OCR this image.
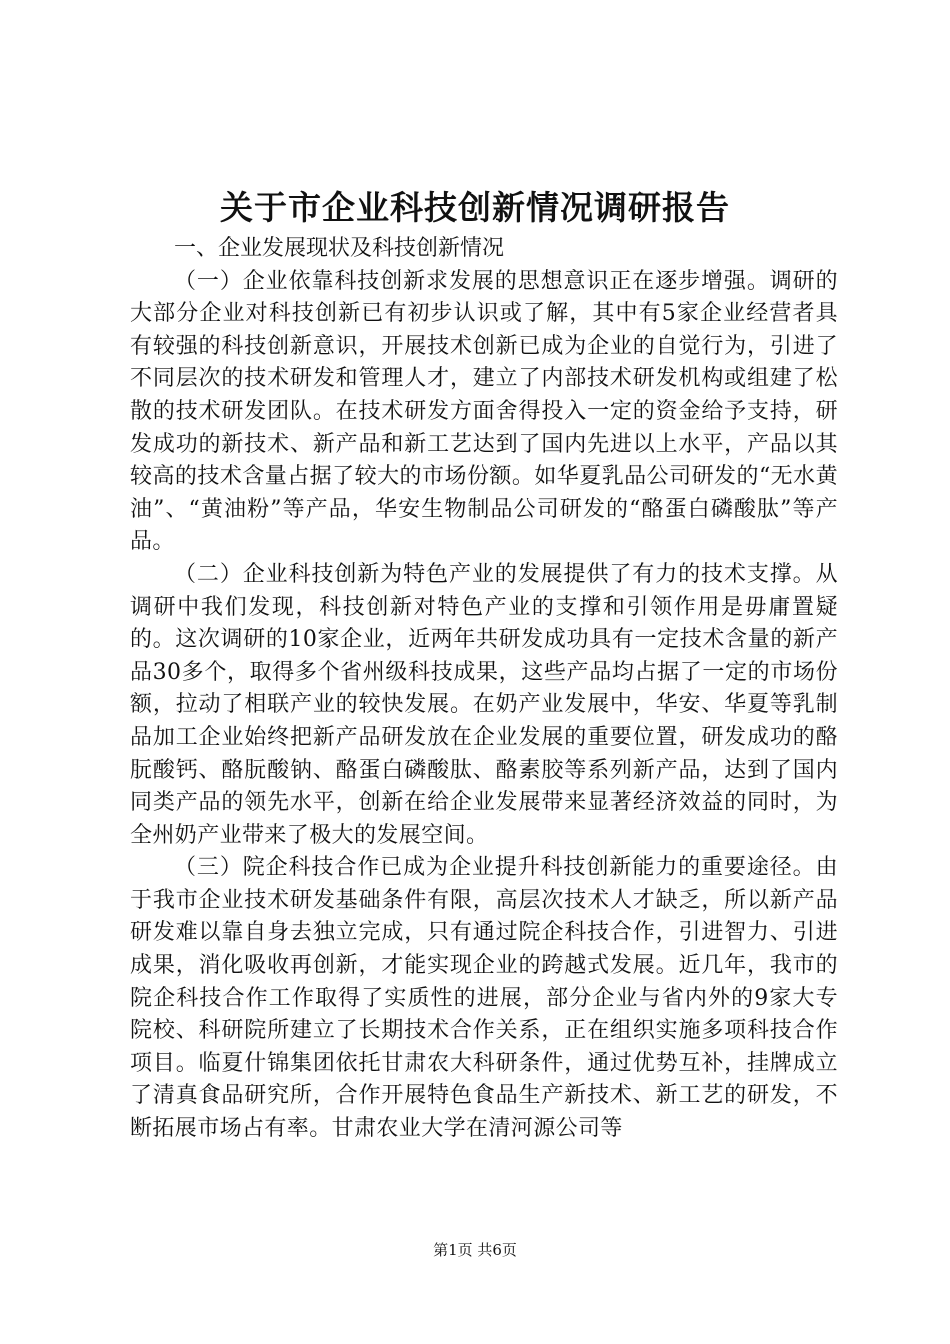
关于市企业科技创新情况调研报告

一、企业发展现状及科技创新情况

（一）企业依靠科技创新求发展的思想意识正在逐步增强。调研的大部分企业对科技创新已有初步认识或了解，其中有5家企业经营者具有较强的科技创新意识，开展技术创新已成为企业的自觉行为，引进了不同层次的技术研发和管理人才，建立了内部技术研发机构或组建了松散的技术研发团队。在技术研发方面舍得投入一定的资金给予支持，研发成功的新技术、新产品和新工艺达到了国内先进以上水平，产品以其较高的技术含量占据了较大的市场份额。如华夏乳品公司研发的“无水黄油”、“黄油粉”等产品，华安生物制品公司研发的“酪蛋白磷酸肽”等产品。

（二）企业科技创新为特色产业的发展提供了有力的技术支撑。从调研中我们发现，科技创新对特色产业的支撑和引领作用是毋庸置疑的。这次调研的10家企业，近两年共研发成功具有一定技术含量的新产品30多个，取得多个省州级科技成果，这些产品均占据了一定的市场份额，拉动了相联产业的较快发展。在奶产业发展中，华安、华夏等乳制品加工企业始终把新产品研发放在企业发展的重要位置，研发成功的酪朊酸钙、酪朊酸钠、酪蛋白磷酸肽、酪素胶等系列新产品，达到了国内同类产品的领先水平，创新在给企业发展带来显著经济效益的同时，为全州奶产业带来了极大的发展空间。

（三）院企科技合作已成为企业提升科技创新能力的重要途径。由于我市企业技术研发基础条件有限，高层次技术人才缺乏，所以新产品研发难以靠自身去独立完成，只有通过院企科技合作，引进智力、引进成果，消化吸收再创新，才能实现企业的跨越式发展。近几年，我市的院企科技合作工作取得了实质性的进展，部分企业与省内外的9家大专院校、科研院所建立了长期技术合作关系，正在组织实施多项科技合作项目。临夏什锦集团依托甘肃农大科研条件，通过优势互补，挂牌成立了清真食品研究所，合作开展特色食品生产新技术、新工艺的研发，不断拓展市场占有率。甘肃农业大学在清河源公司等

第1页 共6页
